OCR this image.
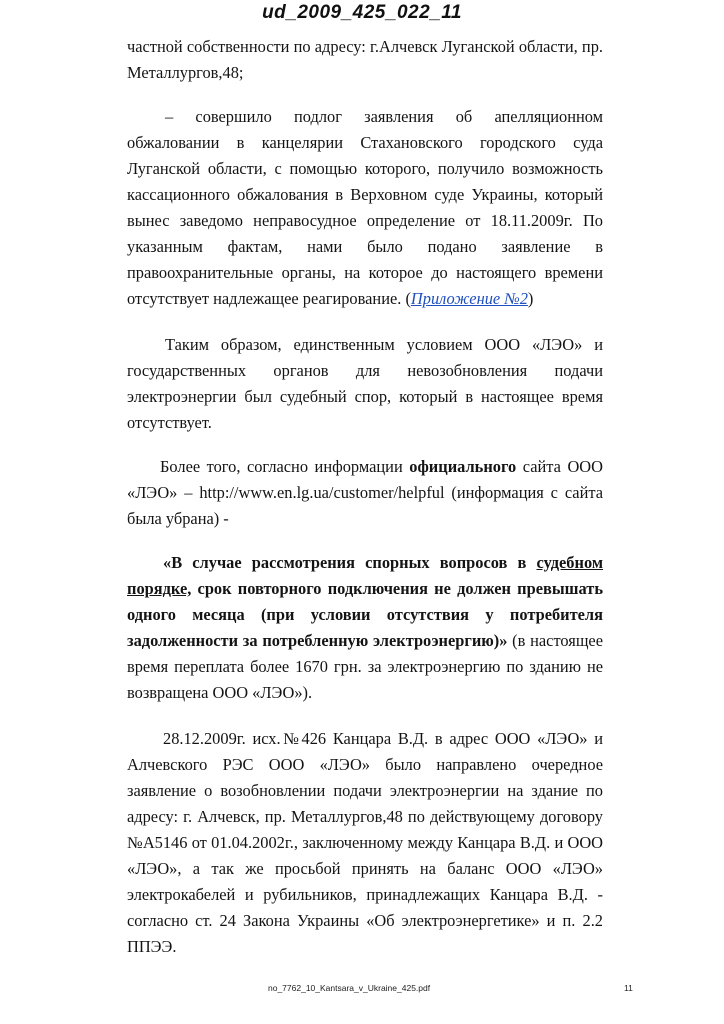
ud_2009_425_022_11

частной собственности по адресу: г.Алчевск Луганской области, пр. Металлургов,48;

– совершило подлог заявления об апелляционном обжаловании в канцелярии Стахановского городского суда Луганской области, с помощью которого, получило возможность кассационного обжалования в Верховном суде Украины, который вынес заведомо неправосудное определение от 18.11.2009г. По указанным фактам, нами было подано заявление в правоохранительные органы, на которое до настоящего времени отсутствует надлежащее реагирование. (Приложение №2)

Таким образом, единственным условием ООО «ЛЭО» и государственных органов для невозобновления подачи электроэнергии был судебный спор, который в настоящее время отсутствует.

Более того, согласно информации официального сайта ООО «ЛЭО» – http://www.en.lg.ua/customer/helpful (информация с сайта была убрана) -

«В случае рассмотрения спорных вопросов в судебном порядке, срок повторного подключения не должен превышать одного месяца (при условии отсутствия у потребителя задолженности за потребленную электроэнергию)» (в настоящее время переплата более 1670 грн. за электроэнергию по зданию не возвращена ООО «ЛЭО»).

28.12.2009г. исх.№426 Канцара В.Д. в адрес ООО «ЛЭО» и Алчевского РЭС ООО «ЛЭО» было направлено очередное заявление о возобновлении подачи электроэнергии на здание по адресу: г. Алчевск, пр. Металлургов,48 по действующему договору №А5146 от 01.04.2002г., заключенному между Канцара В.Д. и ООО «ЛЭО», а так же просьбой принять на баланс ООО «ЛЭО» электрокабелей и рубильников, принадлежащих Канцара В.Д. - согласно ст. 24 Закона Украины «Об электроэнергетике» и п. 2.2 ППЭЭ.

no_7762_10_Kantsara_v_Ukraine_425.pdf	11
